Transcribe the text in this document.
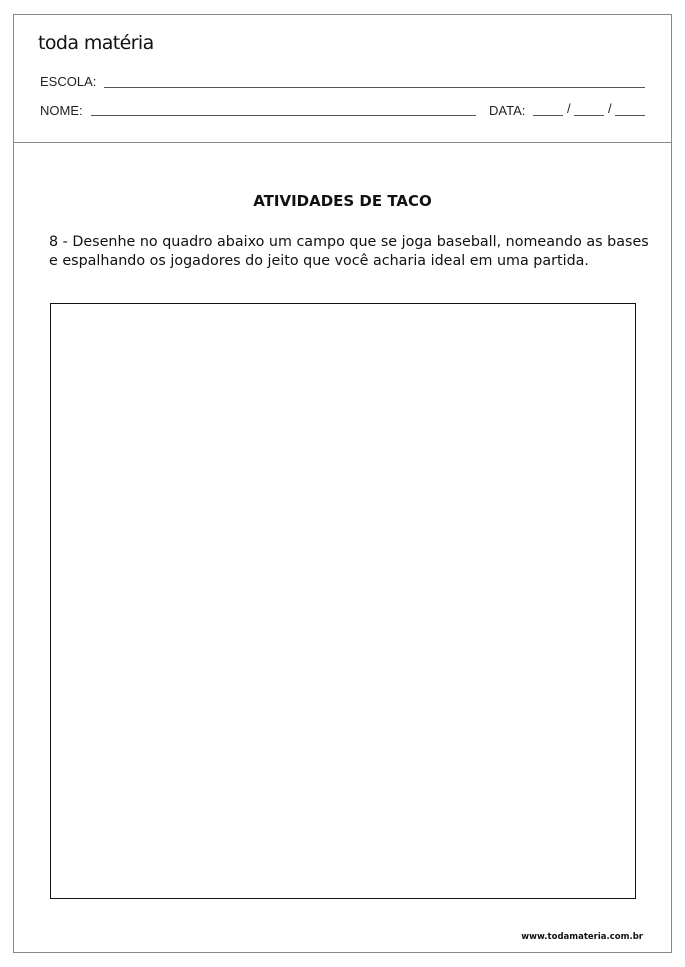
toda matéria
ESCOLA:
NOME:	DATA:	/	/
ATIVIDADES DE TACO
8 - Desenhe no quadro abaixo um campo que se joga baseball, nomeando as bases e espalhando os jogadores do jeito que você acharia ideal em uma partida.
www.todamateria.com.br
